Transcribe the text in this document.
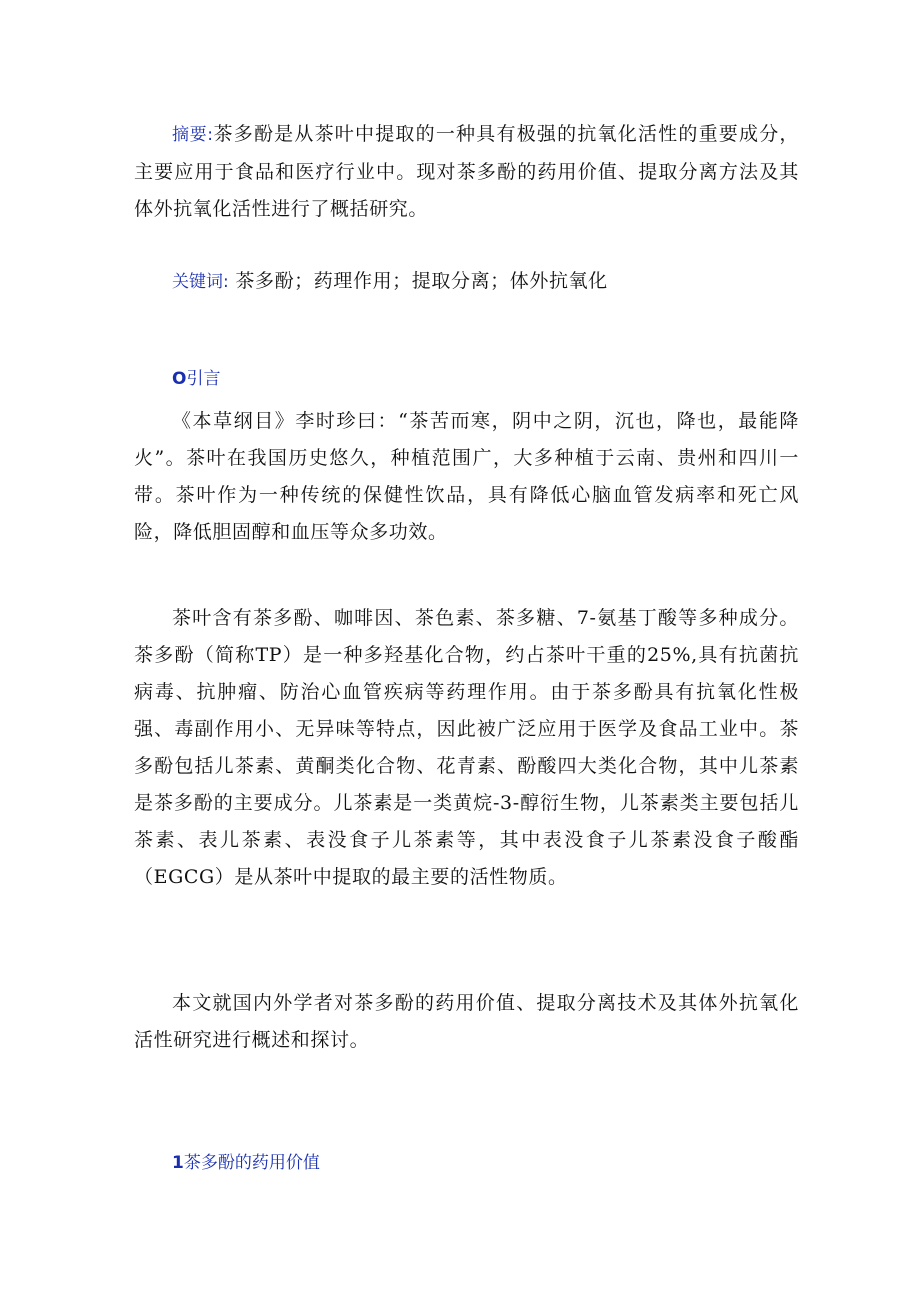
摘要:茶多酚是从茶叶中提取的一种具有极强的抗氧化活性的重要成分，主要应用于食品和医疗行业中。现对茶多酚的药用价值、提取分离方法及其体外抗氧化活性进行了概括研究。
关键词: 茶多酚；药理作用；提取分离；体外抗氧化
O引言
《本草纲目》李时珍曰：“茶苦而寒，阴中之阴，沉也，降也，最能降火”。茶叶在我国历史悠久，种植范围广，大多种植于云南、贵州和四川一带。茶叶作为一种传统的保健性饮品，具有降低心脑血管发病率和死亡风险，降低胆固醇和血压等众多功效。
茶叶含有茶多酚、咖啡因、茶色素、茶多糖、7-氨基丁酸等多种成分。茶多酚（简称TP）是一种多羟基化合物，约占茶叶干重的25%,具有抗菌抗病毒、抗肿瘤、防治心血管疾病等药理作用。由于茶多酚具有抗氧化性极强、毒副作用小、无异味等特点，因此被广泛应用于医学及食品工业中。茶多酚包括儿茶素、黄酮类化合物、花青素、酚酸四大类化合物，其中儿茶素是茶多酚的主要成分。儿茶素是一类黄烷-3-醇衍生物，儿茶素类主要包括儿茶素、表儿茶素、表没食子儿茶素等，其中表没食子儿茶素没食子酸酯（EGCG）是从茶叶中提取的最主要的活性物质。
本文就国内外学者对茶多酚的药用价值、提取分离技术及其体外抗氧化活性研究进行概述和探讨。
1茶多酚的药用价值
